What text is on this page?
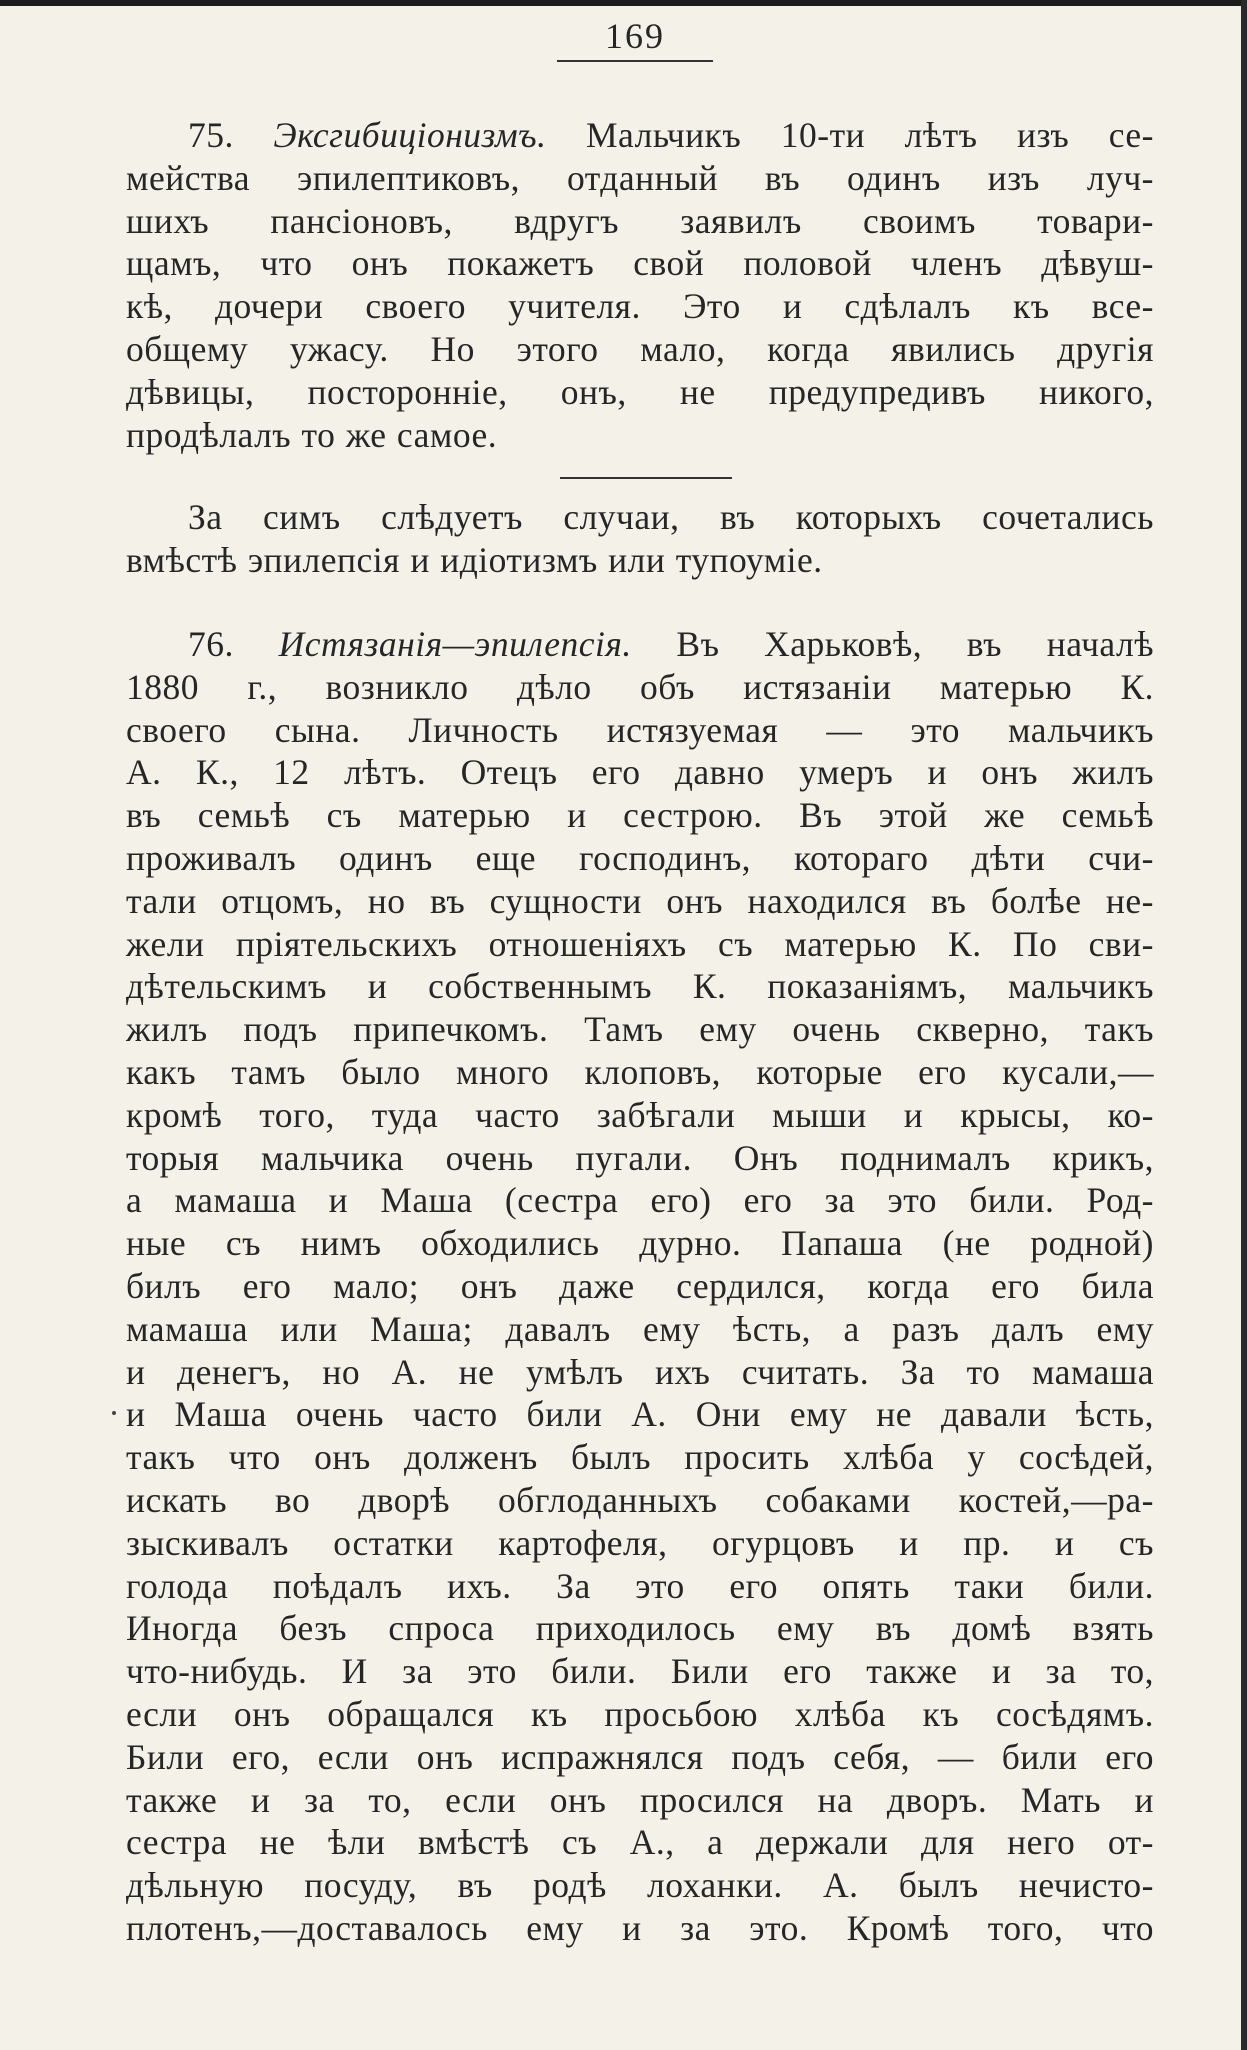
169
75. Эксгибиціонизмъ. Мальчикъ 10-ти лѣтъ изъ се-
мейства эпилептиковъ, отданный въ одинъ изъ луч-
шихъ пансіоновъ, вдругъ заявилъ своимъ товари-
щамъ, что онъ покажетъ свой половой членъ дѣвуш-
кѣ, дочери своего учителя. Это и сдѣлалъ къ все-
общему ужасу. Но этого мало, когда явились другія
дѣвицы, посторонніе, онъ, не предупредивъ никого,
продѣлалъ то же самое.
За симъ слѣдуетъ случаи, въ которыхъ сочетались
вмѣстѣ эпилепсія и идіотизмъ или тупоуміе.
76. Истязанія—эпилепсія. Въ Харьковѣ, въ началѣ
1880 г., возникло дѣло объ истязаніи матерью К.
своего сына. Личность истязуемая — это мальчикъ
А. К., 12 лѣтъ. Отецъ его давно умеръ и онъ жилъ
въ семьѣ съ матерью и сестрою. Въ этой же семьѣ
проживалъ одинъ еще господинъ, котораго дѣти счи-
тали отцомъ, но въ сущности онъ находился въ болѣе не-
жели пріятельскихъ отношеніяхъ съ матерью К. По сви-
дѣтельскимъ и собственнымъ К. показаніямъ, мальчикъ
жилъ подъ припечкомъ. Тамъ ему очень скверно, такъ
какъ тамъ было много клоповъ, которые его кусали,—
кромѣ того, туда часто забѣгали мыши и крысы, ко-
торыя мальчика очень пугали. Онъ поднималъ крикъ,
а мамаша и Маша (сестра его) его за это били. Род-
ные съ нимъ обходились дурно. Папаша (не родной)
билъ его мало; онъ даже сердился, когда его била
мамаша или Маша; давалъ ему ѣсть, а разъ далъ ему
и денегъ, но А. не умѣлъ ихъ считать. За то мамаша
и Маша очень часто били А. Они ему не давали ѣсть,
такъ что онъ долженъ былъ просить хлѣба у сосѣдей,
искать во дворѣ обглоданныхъ собаками костей,—ра-
зыскивалъ остатки картофеля, огурцовъ и пр. и съ
голода поѣдалъ ихъ. За это его опять таки били.
Иногда безъ спроса приходилось ему въ домѣ взять
что-нибудь. И за это били. Били его также и за то,
если онъ обращался къ просьбою хлѣба къ сосѣдямъ.
Били его, если онъ испражнялся подъ себя, — били его
также и за то, если онъ просился на дворъ. Мать и
сестра не ѣли вмѣстѣ съ А., а держали для него от-
дѣльную посуду, въ родѣ лоханки. А. былъ нечисто-
плотенъ,—доставалось ему и за это. Кромѣ того, что
